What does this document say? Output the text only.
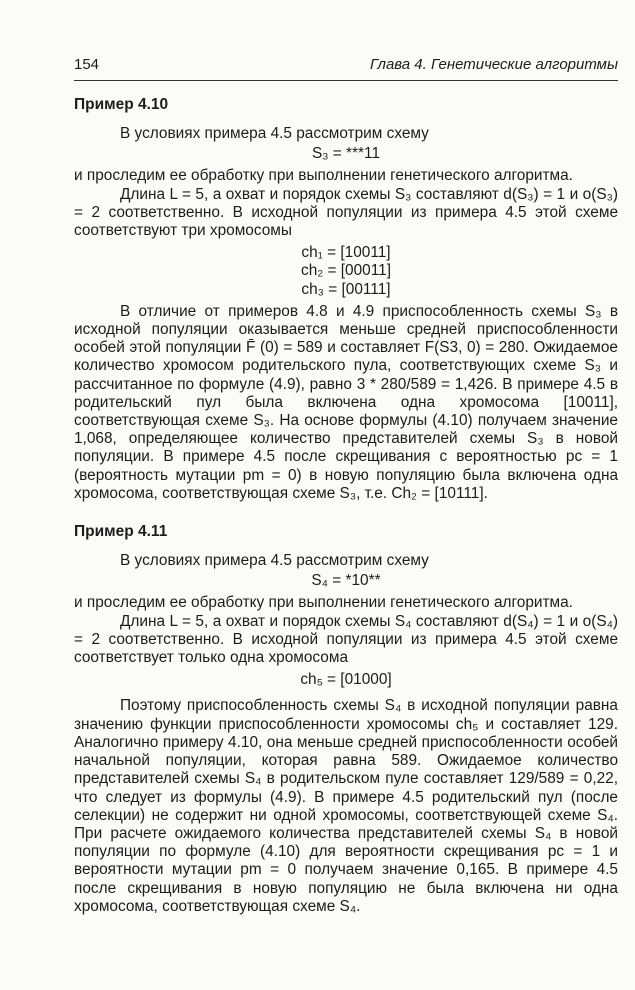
154	Глава 4. Генетические алгоритмы
Пример 4.10

В условиях примера 4.5 рассмотрим схему

S₃ = ***11

и проследим ее обработку при выполнении генетического алгоритма.

Длина L = 5, а охват и порядок схемы S₃ составляют d(S₃) = 1 и o(S₃) = 2 соответственно. В исходной популяции из примера 4.5 этой схеме соответствуют три хромосомы

ch₁ = [10011]

ch₂ = [00011]

ch₃ = [00111]

В отличие от примеров 4.8 и 4.9 приспособленность схемы S₃ в исходной популяции оказывается меньше средней приспособленности особей этой популяции F̄ (0) = 589 и составляет F(S3, 0) = 280. Ожидаемое количество хромосом родительского пула, соответствующих схеме S₃ и рассчитанное по формуле (4.9), равно 3 * 280/589 = 1,426. В примере 4.5 в родительский пул была включена одна хромосома [10011], соответствующая схеме S₃. На основе формулы (4.10) получаем значение 1,068, определяющее количество представителей схемы S₃ в новой популяции. В примере 4.5 после скрещивания с вероятностью pc = 1 (вероятность мутации pm = 0) в новую популяцию была включена одна хромосома, соответствующая схеме S₃, т.е. Ch₂ = [10111].

Пример 4.11

В условиях примера 4.5 рассмотрим схему

S₄ = *10**

и проследим ее обработку при выполнении генетического алгоритма.

Длина L = 5, а охват и порядок схемы S₄ составляют d(S₄) = 1 и o(S₄) = 2 соответственно. В исходной популяции из примера 4.5 этой схеме соответствует только одна хромосома

ch₅ = [01000]

Поэтому приспособленность схемы S₄ в исходной популяции равна значению функции приспособленности хромосомы ch₅ и составляет 129. Аналогично примеру 4.10, она меньше средней приспособленности особей начальной популяции, которая равна 589. Ожидаемое количество представителей схемы S₄ в родительском пуле составляет 129/589 = 0,22, что следует из формулы (4.9). В примере 4.5 родительский пул (после селекции) не содержит ни одной хромосомы, соответствующей схеме S₄. При расчете ожидаемого количества представителей схемы S₄ в новой популяции по формуле (4.10) для вероятности скрещивания pc = 1 и вероятности мутации pm = 0 получаем значение 0,165. В примере 4.5 после скрещивания в новую популяцию не была включена ни одна хромосома, соответствующая схеме S₄.
